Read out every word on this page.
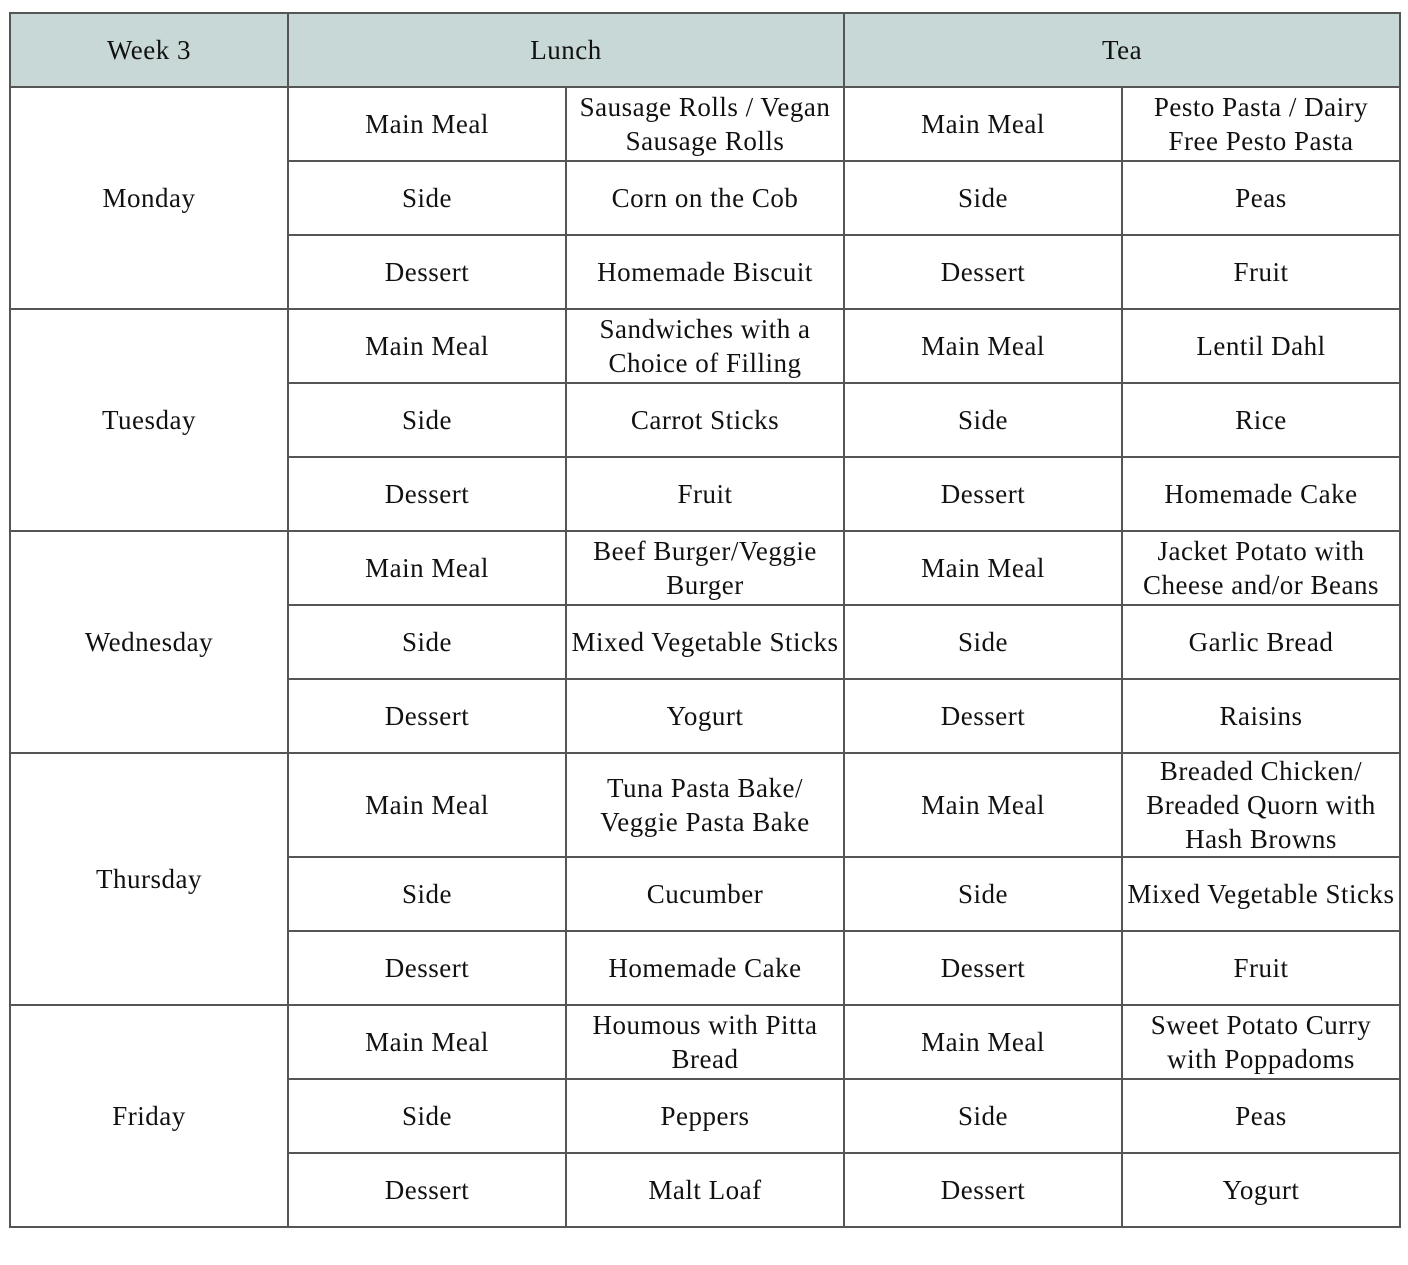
Week 3	Lunch		Tea	
Monday	Main Meal	Sausage Rolls / Vegan Sausage Rolls	Main Meal	Pesto Pasta / Dairy Free Pesto Pasta
	Side	Corn on the Cob	Side	Peas
	Dessert	Homemade Biscuit	Dessert	Fruit
Tuesday	Main Meal	Sandwiches with a Choice of Filling	Main Meal	Lentil Dahl
	Side	Carrot Sticks	Side	Rice
	Dessert	Fruit	Dessert	Homemade Cake
Wednesday	Main Meal	Beef Burger/Veggie Burger	Main Meal	Jacket Potato with Cheese and/or Beans
	Side	Mixed Vegetable Sticks	Side	Garlic Bread
	Dessert	Yogurt	Dessert	Raisins
Thursday	Main Meal	Tuna Pasta Bake/ Veggie Pasta Bake	Main Meal	Breaded Chicken/ Breaded Quorn with Hash Browns
	Side	Cucumber	Side	Mixed Vegetable Sticks
	Dessert	Homemade Cake	Dessert	Fruit
Friday	Main Meal	Houmous with Pitta Bread	Main Meal	Sweet Potato Curry with Poppadoms
	Side	Peppers	Side	Peas
	Dessert	Malt Loaf	Dessert	Yogurt
